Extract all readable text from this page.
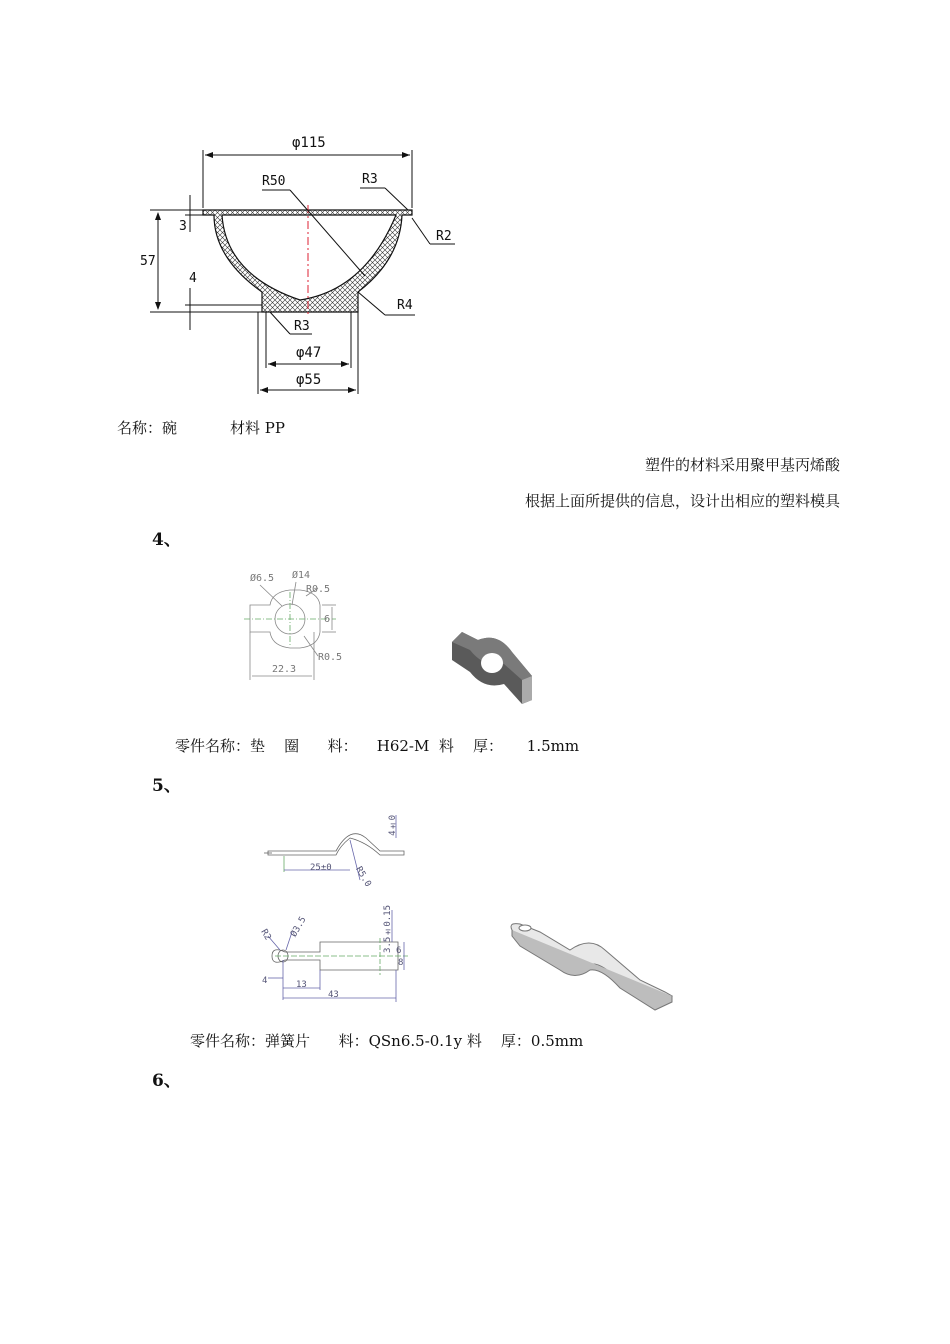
φ115
R50	R3
R2
3
57
4
R4
R3
φ47
φ55
名称：碗	材料 PP
塑件的材料采用聚甲基丙烯酸
根据上面所提供的信息，设计出相应的塑料模具
4、
Ø6.5 Ø14
R0.5
6
R0.5
22.3
零件名称：垫    圈      料：    H62-M  料    厚：     1.5mm
5、
4±0
25±0 R5.0
3.5±0.15
R2 Ø3.5
4	13
43
6
8
零件名称：弹簧片      料：QSn6.5-0.1y 料    厚：0.5mm
6、
